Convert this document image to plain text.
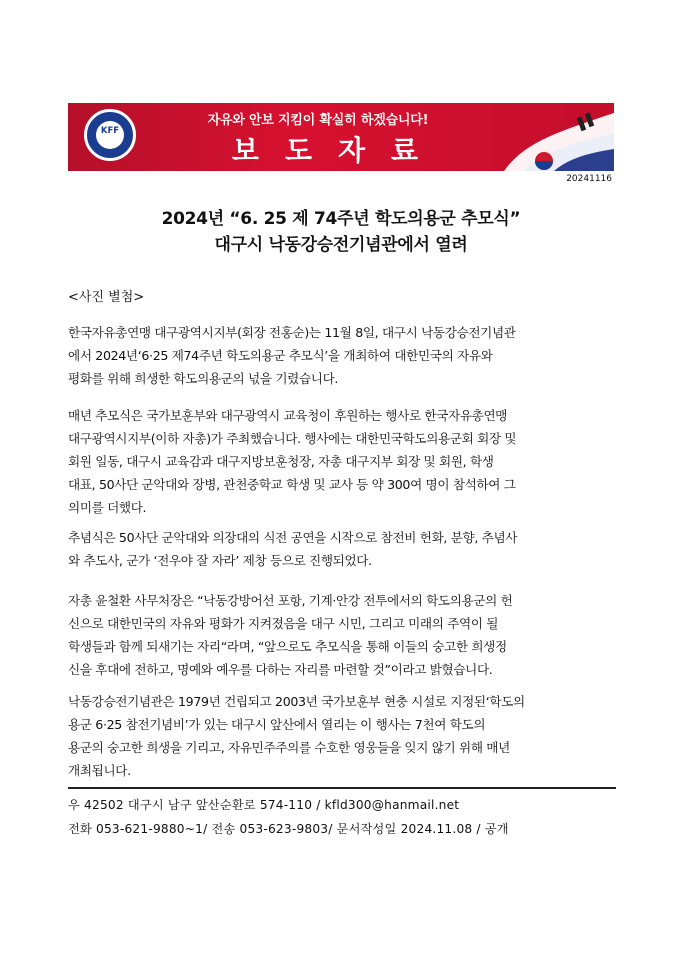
KFF
자유와 안보 지킴이 확실히 하겠습니다!
보도자료
20241116
2024년 “6. 25 제 74주년 학도의용군 추모식”
대구시 낙동강승전기념관에서 열려
<사진 별첨>
한국자유총연맹 대구광역시지부(회장 전홍순)는 11월 8일, 대구시 낙동강승전기념관
에서 2024년‘6·25 제74주년 학도의용군 추모식’을 개최하여 대한민국의 자유와
평화를 위해 희생한 학도의용군의 넋을 기렸습니다.
매년 추모식은 국가보훈부와 대구광역시 교육청이 후원하는 행사로 한국자유총연맹
대구광역시지부(이하 자총)가 주최했습니다. 행사에는 대한민국학도의용군회 회장 및
회원 일동, 대구시 교육감과 대구지방보훈청장, 자총 대구지부 회장 및 회원, 학생
대표, 50사단 군악대와 장병, 관천중학교 학생 및 교사 등 약 300여 명이 참석하여 그
의미를 더했다.
추념식은 50사단 군악대와 의장대의 식전 공연을 시작으로 참전비 헌화, 분향, 추념사
와 추도사, 군가 ‘전우야 잘 자라’ 제창 등으로 진행되었다.
자총 윤철환 사무처장은 “낙동강방어선 포항, 기계·안강 전투에서의 학도의용군의 헌
신으로 대한민국의 자유와 평화가 지켜졌음을 대구 시민, 그리고 미래의 주역이 될
학생들과 함께 되새기는 자리“라며, “앞으로도 추모식을 통해 이들의 숭고한 희생정
신을 후대에 전하고, 명예와 예우를 다하는 자리를 마련할 것”이라고 밝혔습니다.
낙동강승전기념관은 1979년 건립되고 2003년 국가보훈부 현충 시설로 지정된‘학도의
용군 6·25 참전기념비’가 있는 대구시 앞산에서 열리는 이 행사는 7천여 학도의
용군의 숭고한 희생을 기리고, 자유민주주의를 수호한 영웅들을 잊지 않기 위해 매년
개최됩니다.
우 42502 대구시 남구 앞산순환로 574-110 / kfld300@hanmail.net
전화 053-621-9880~1/ 전송 053-623-9803/ 문서작성일 2024.11.08 / 공개
